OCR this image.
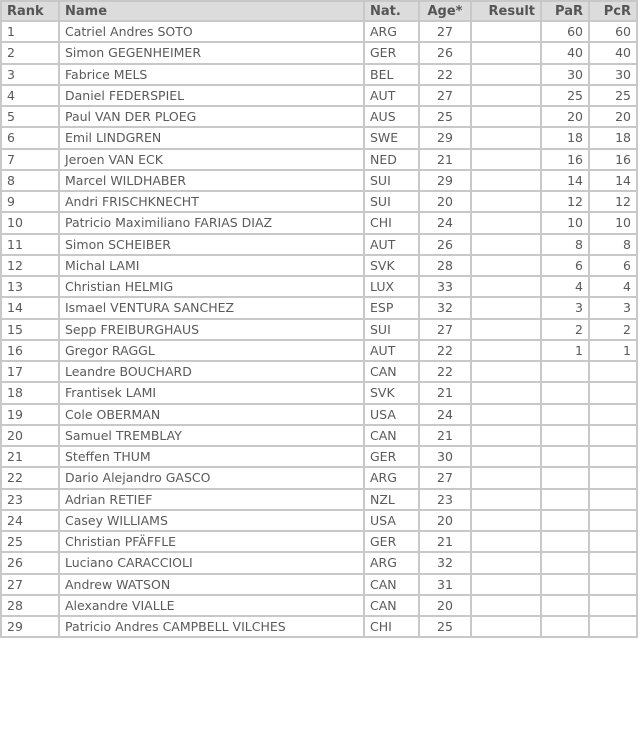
Rank	Name	Nat.	Age*	Result	PaR	PcR
1	Catriel Andres SOTO	ARG	27		60	60
2	Simon GEGENHEIMER	GER	26		40	40
3	Fabrice MELS	BEL	22		30	30
4	Daniel FEDERSPIEL	AUT	27		25	25
5	Paul VAN DER PLOEG	AUS	25		20	20
6	Emil LINDGREN	SWE	29		18	18
7	Jeroen VAN ECK	NED	21		16	16
8	Marcel WILDHABER	SUI	29		14	14
9	Andri FRISCHKNECHT	SUI	20		12	12
10	Patricio Maximiliano FARIAS DIAZ	CHI	24		10	10
11	Simon SCHEIBER	AUT	26		8	8
12	Michal LAMI	SVK	28		6	6
13	Christian HELMIG	LUX	33		4	4
14	Ismael VENTURA SANCHEZ	ESP	32		3	3
15	Sepp FREIBURGHAUS	SUI	27		2	2
16	Gregor RAGGL	AUT	22		1	1
17	Leandre BOUCHARD	CAN	22			
18	Frantisek LAMI	SVK	21			
19	Cole OBERMAN	USA	24			
20	Samuel TREMBLAY	CAN	21			
21	Steffen THUM	GER	30			
22	Dario Alejandro GASCO	ARG	27			
23	Adrian RETIEF	NZL	23			
24	Casey WILLIAMS	USA	20			
25	Christian PFÄFFLE	GER	21			
26	Luciano CARACCIOLI	ARG	32			
27	Andrew WATSON	CAN	31			
28	Alexandre VIALLE	CAN	20			
29	Patricio Andres CAMPBELL VILCHES	CHI	25			
